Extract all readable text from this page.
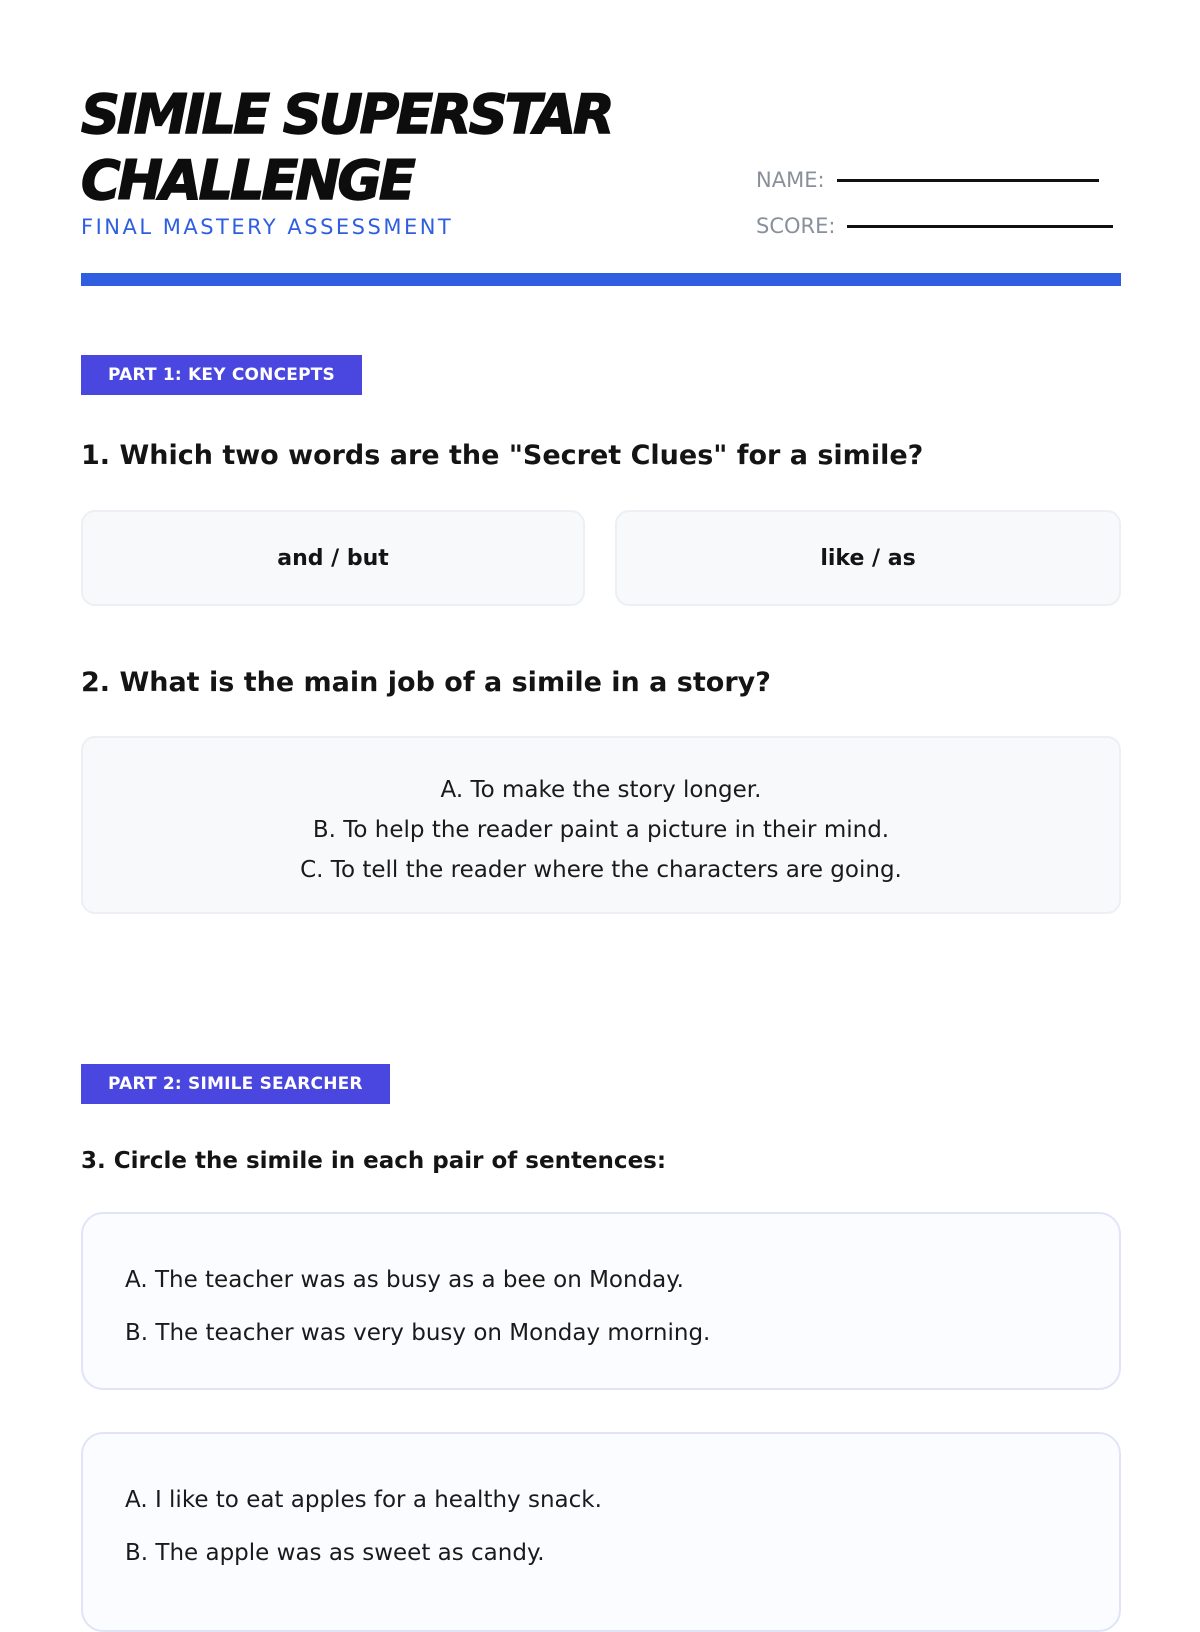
SIMILE SUPERSTAR
CHALLENGE
FINAL MASTERY ASSESSMENT
NAME:
SCORE:
PART 1: KEY CONCEPTS
1. Which two words are the "Secret Clues" for a simile?
and / but	like / as
2. What is the main job of a simile in a story?
A. To make the story longer.
B. To help the reader paint a picture in their mind.
C. To tell the reader where the characters are going.
PART 2: SIMILE SEARCHER
3. Circle the simile in each pair of sentences:
A. The teacher was as busy as a bee on Monday.
B. The teacher was very busy on Monday morning.
A. I like to eat apples for a healthy snack.
B. The apple was as sweet as candy.
